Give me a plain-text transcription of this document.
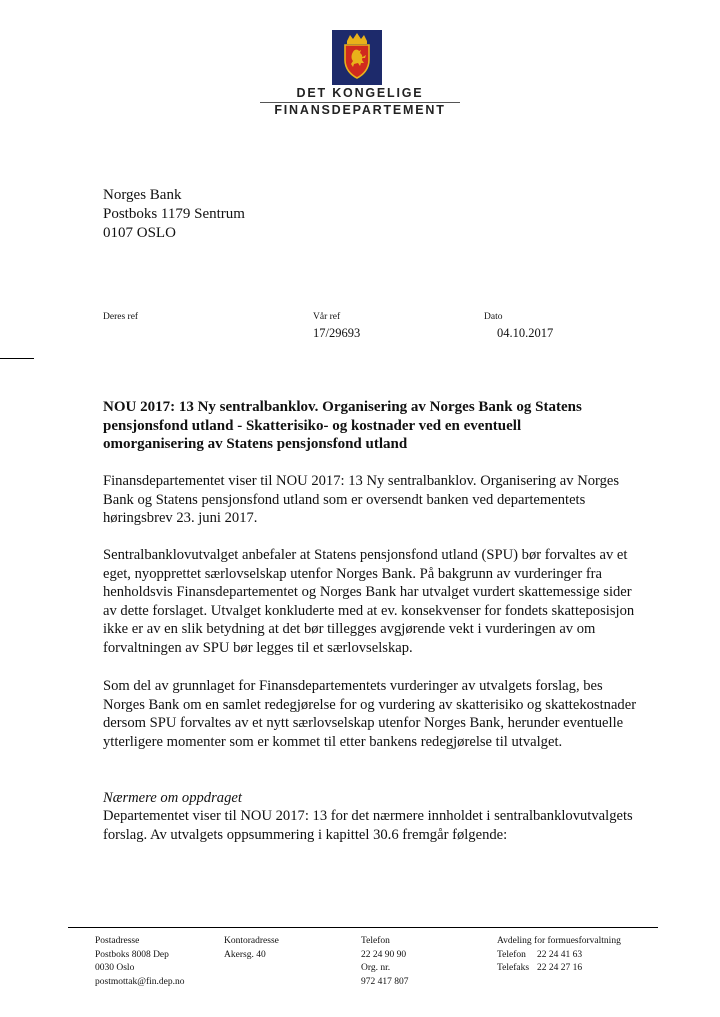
DET KONGELIGE
FINANSDEPARTEMENT
Norges Bank
Postboks 1179 Sentrum
0107 OSLO
Deres ref	Vår ref
17/29693
Dato
04.10.2017
NOU 2017: 13 Ny sentralbanklov. Organisering av Norges Bank og Statens pensjonsfond utland - Skatterisiko- og kostnader ved en eventuell omorganisering av Statens pensjonsfond utland
Finansdepartementet viser til NOU 2017: 13 Ny sentralbanklov. Organisering av Norges Bank og Statens pensjonsfond utland som er oversendt banken ved departementets høringsbrev 23. juni 2017.
Sentralbanklovutvalget anbefaler at Statens pensjonsfond utland (SPU) bør forvaltes av et eget, nyopprettet særlovselskap utenfor Norges Bank. På bakgrunn av vurderinger fra henholdsvis Finansdepartementet og Norges Bank har utvalget vurdert skattemessige sider av dette forslaget. Utvalget konkluderte med at ev. konsekvenser for fondets skatteposisjon ikke er av en slik betydning at det bør tillegges avgjørende vekt i vurderingen av om forvaltningen av SPU bør legges til et særlovselskap.
Som del av grunnlaget for Finansdepartementets vurderinger av utvalgets forslag, bes Norges Bank om en samlet redegjørelse for og vurdering av skatterisiko og skattekostnader dersom SPU forvaltes av et nytt særlovselskap utenfor Norges Bank, herunder eventuelle ytterligere momenter som er kommet til etter bankens redegjørelse til utvalget.
Nærmere om oppdraget
Departementet viser til NOU 2017: 13 for det nærmere innholdet i sentralbanklovutvalgets forslag. Av utvalgets oppsummering i kapittel 30.6 fremgår følgende:
Postadresse
Postboks 8008 Dep
0030 Oslo
postmottak@fin.dep.no
Kontoradresse
Akersg. 40
Telefon
22 24 90 90
Org. nr.
972 417 807
Avdeling for formuesforvaltning
Telefon 22 24 41 63
Telefaks 22 24 27 16
